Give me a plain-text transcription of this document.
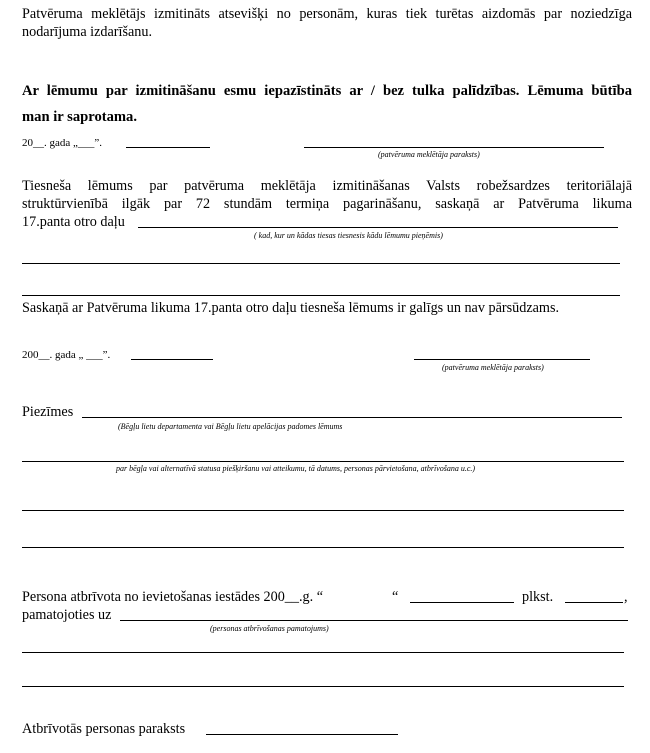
Patvēruma meklētājs izmitināts atsevišķi no personām, kuras tiek turētas aizdomās par noziedzīga nodarījuma izdarīšanu.
Ar lēmumu par izmitināšanu esmu iepazīstināts ar / bez tulka palīdzības. Lēmuma būtība
man ir saprotama.
20__. gada „___”.
(patvēruma meklētāja paraksts)
Tiesneša lēmums par patvēruma meklētāja izmitināšanas Valsts robežsardzes teritoriālajā
struktūrvienībā ilgāk par 72 stundām termiņa pagarināšanu, saskaņā ar Patvēruma likuma
17.panta otro daļu
( kad, kur un kādas tiesas tiesnesis kādu lēmumu pieņēmis)
Saskaņā ar Patvēruma likuma 17.panta otro daļu tiesneša lēmums ir galīgs un nav pārsūdzams.
200__. gada „ ___”.
(patvēruma meklētāja paraksts)
Piezīmes
(Bēgļu lietu departamenta vai Bēgļu lietu apelācijas padomes lēmums
par bēgļa vai alternatīvā statusa piešķiršanu vai atteikumu, tā datums, personas pārvietošana, atbrīvošana u.c.)
Persona atbrīvota no ievietošanas iestādes 200__.g. “	“	plkst.	,
pamatojoties uz
(personas atbrīvošanas pamatojums)
Atbrīvotās personas paraksts
